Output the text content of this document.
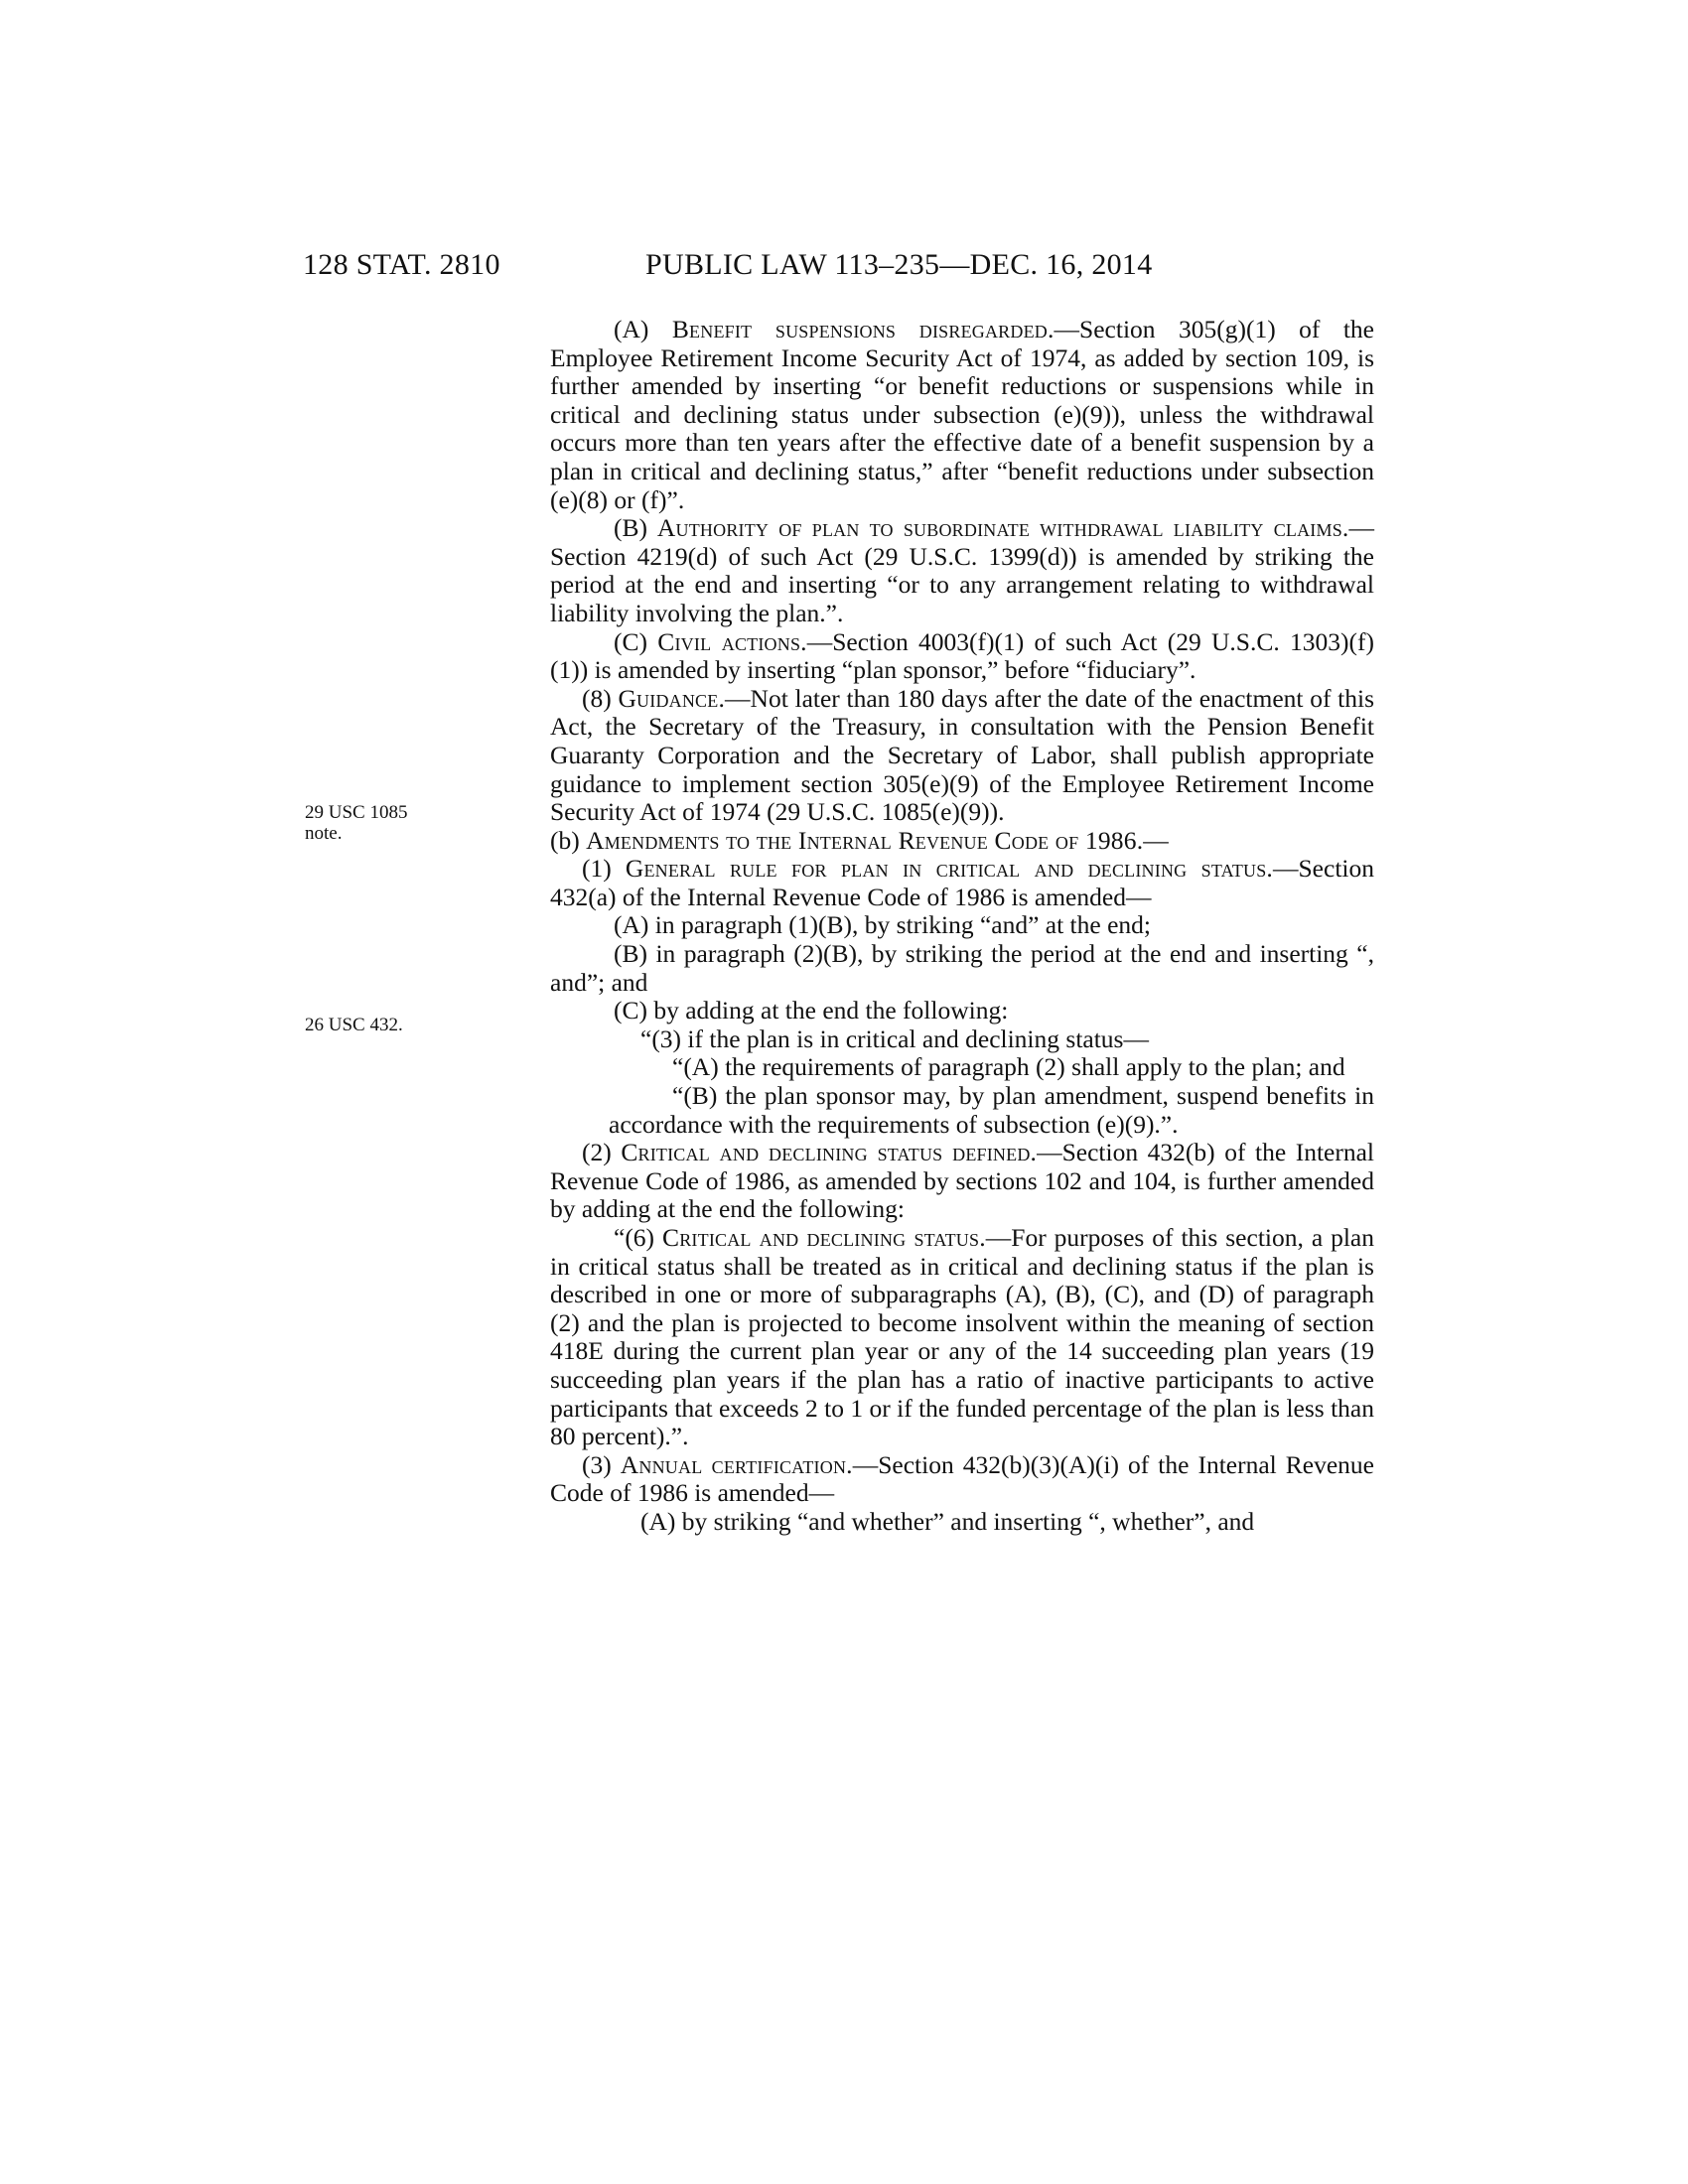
128 STAT. 2810	PUBLIC LAW 113–235—DEC. 16, 2014
29 USC 1085
note.
26 USC 432.

(A) Benefit suspensions disregarded.—Section 305(g)(1) of the Employee Retirement Income Security Act of 1974, as added by section 109, is further amended by inserting “or benefit reductions or suspensions while in critical and declining status under subsection (e)(9)), unless the withdrawal occurs more than ten years after the effective date of a benefit suspension by a plan in critical and declining status,” after “benefit reductions under subsection (e)(8) or (f)”.

(B) Authority of plan to subordinate withdrawal liability claims.—Section 4219(d) of such Act (29 U.S.C. 1399(d)) is amended by striking the period at the end and inserting “or to any arrangement relating to withdrawal liability involving the plan.”.

(C) Civil actions.—Section 4003(f)(1) of such Act (29 U.S.C. 1303)(f)(1)) is amended by inserting “plan sponsor,” before “fiduciary”.

(8) Guidance.—Not later than 180 days after the date of the enactment of this Act, the Secretary of the Treasury, in consultation with the Pension Benefit Guaranty Corporation and the Secretary of Labor, shall publish appropriate guidance to implement section 305(e)(9) of the Employee Retirement Income Security Act of 1974 (29 U.S.C. 1085(e)(9)).

(b) Amendments to the Internal Revenue Code of 1986.—

(1) General rule for plan in critical and declining status.—Section 432(a) of the Internal Revenue Code of 1986 is amended—

(A) in paragraph (1)(B), by striking “and” at the end;

(B) in paragraph (2)(B), by striking the period at the end and inserting “, and”; and

(C) by adding at the end the following:

“(3) if the plan is in critical and declining status—

“(A) the requirements of paragraph (2) shall apply to the plan; and

“(B) the plan sponsor may, by plan amendment, suspend benefits in accordance with the requirements of subsection (e)(9).”.

(2) Critical and declining status defined.—Section 432(b) of the Internal Revenue Code of 1986, as amended by sections 102 and 104, is further amended by adding at the end the following:

“(6) Critical and declining status.—For purposes of this section, a plan in critical status shall be treated as in critical and declining status if the plan is described in one or more of subparagraphs (A), (B), (C), and (D) of paragraph (2) and the plan is projected to become insolvent within the meaning of section 418E during the current plan year or any of the 14 succeeding plan years (19 succeeding plan years if the plan has a ratio of inactive participants to active participants that exceeds 2 to 1 or if the funded percentage of the plan is less than 80 percent).”.

(3) Annual certification.—Section 432(b)(3)(A)(i) of the Internal Revenue Code of 1986 is amended—

(A) by striking “and whether” and inserting “, whether”, and
